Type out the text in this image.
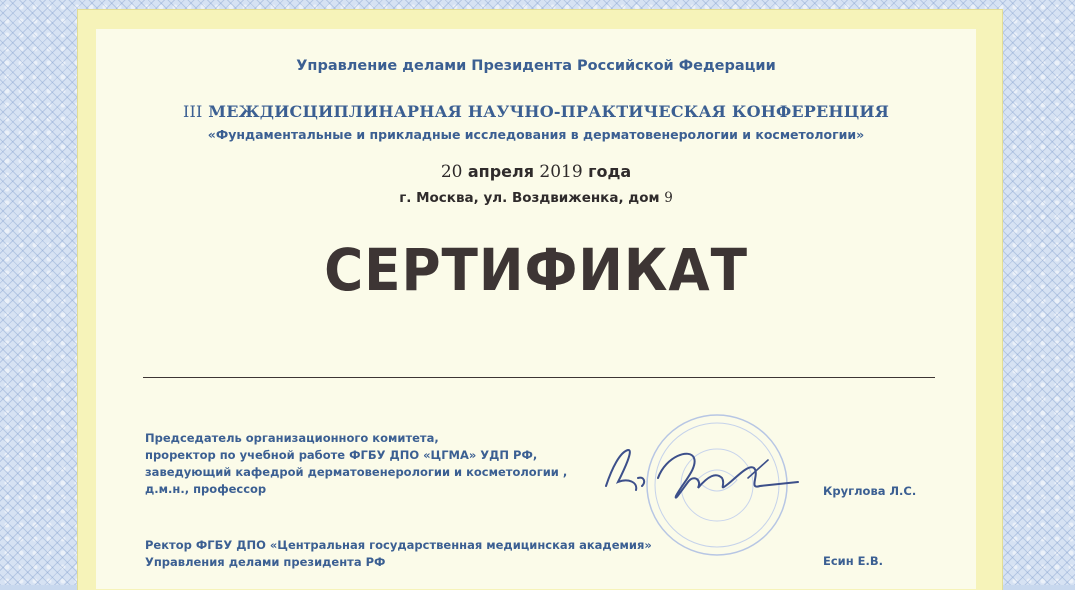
Управление делами Президента Российской Федерации
III МЕЖДИСЦИПЛИНАРНАЯ НАУЧНО-ПРАКТИЧЕСКАЯ КОНФЕРЕНЦИЯ
«Фундаментальные и прикладные исследования в дерматовенерологии и косметологии»
20 апреля 2019 года
г. Москва, ул. Воздвиженка, дом 9
СЕРТИФИКАТ
Председатель организационного комитета,
проректор по учебной работе ФГБУ ДПО «ЦГМА» УДП РФ,
заведующий кафедрой дерматовенерологии и косметологии ,
д.м.н., профессор	Круглова Л.С.
Ректор ФГБУ ДПО «Центральная государственная медицинская академия»
Управления делами президента РФ	Есин Е.В.
